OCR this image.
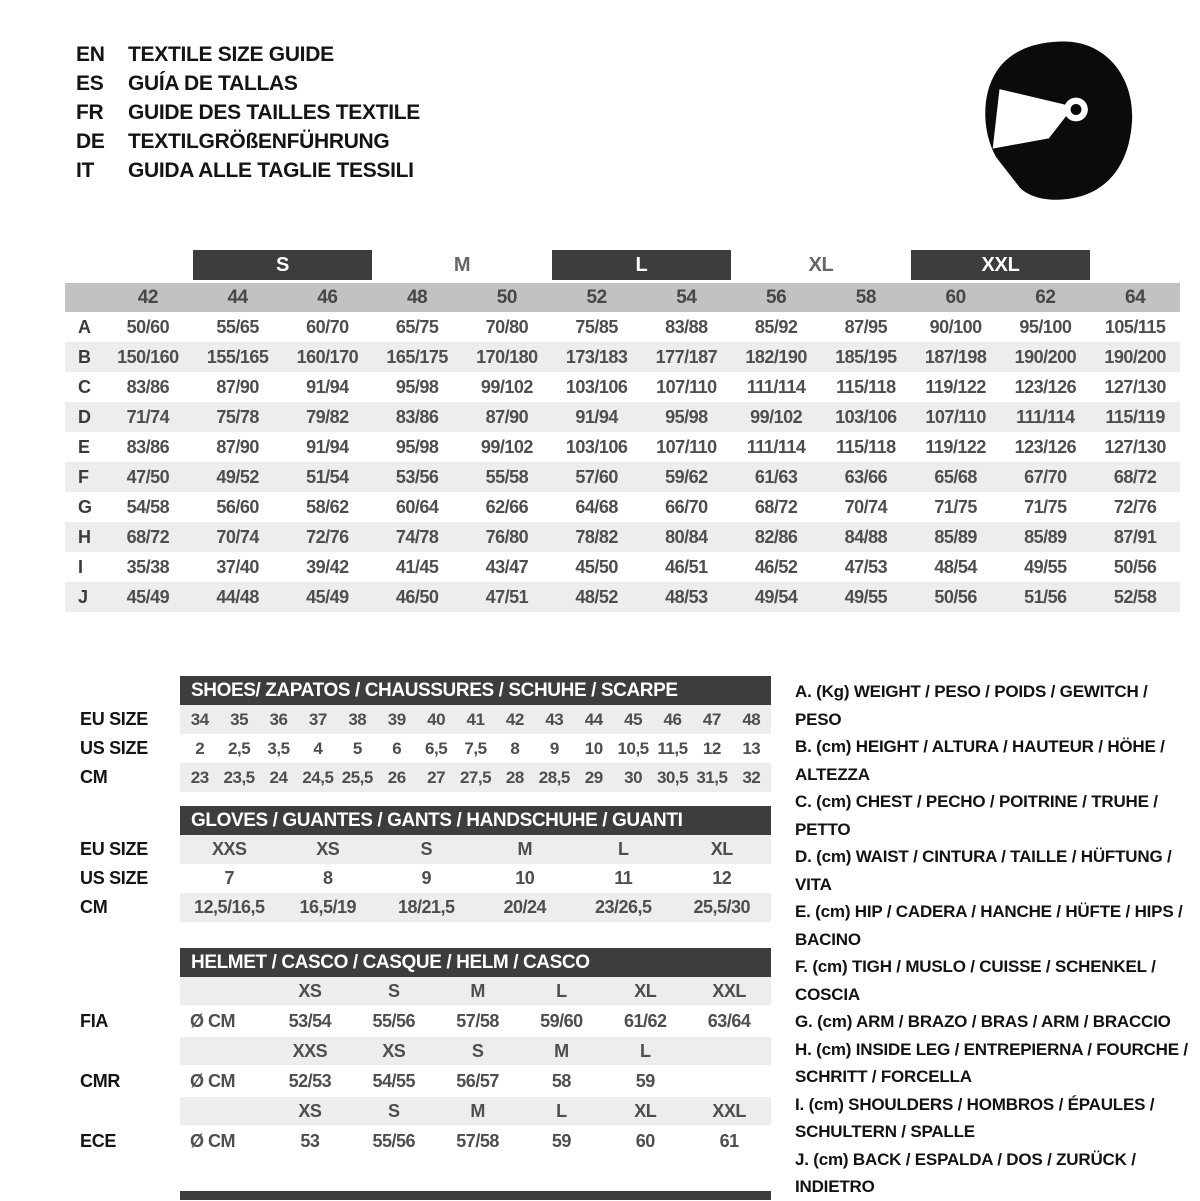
EN	TEXTILE SIZE GUIDE
ES	GUÍA DE TALLAS
FR	GUIDE DES TAILLES TEXTILE
DE	TEXTILGRÖßENFÜHRUNG
IT	GUIDA ALLE TAGLIE TESSILI
S	M	L	XL	XXL
42	44	46	48	50	52	54	56	58	60	62	64
A	50/60	55/65	60/70	65/75	70/80	75/85	83/88	85/92	87/95	90/100	95/100	105/115
B	150/160	155/165	160/170	165/175	170/180	173/183	177/187	182/190	185/195	187/198	190/200	190/200
C	83/86	87/90	91/94	95/98	99/102	103/106	107/110	111/114	115/118	119/122	123/126	127/130
D	71/74	75/78	79/82	83/86	87/90	91/94	95/98	99/102	103/106	107/110	111/114	115/119
E	83/86	87/90	91/94	95/98	99/102	103/106	107/110	111/114	115/118	119/122	123/126	127/130
F	47/50	49/52	51/54	53/56	55/58	57/60	59/62	61/63	63/66	65/68	67/70	68/72
G	54/58	56/60	58/62	60/64	62/66	64/68	66/70	68/72	70/74	71/75	71/75	72/76
H	68/72	70/74	72/76	74/78	76/80	78/82	80/84	82/86	84/88	85/89	85/89	87/91
I	35/38	37/40	39/42	41/45	43/47	45/50	46/51	46/52	47/53	48/54	49/55	50/56
J	45/49	44/48	45/49	46/50	47/51	48/52	48/53	49/54	49/55	50/56	51/56	52/58
SHOES/ ZAPATOS / CHAUSSURES / SCHUHE / SCARPE
EU SIZE	34	35	36	37	38	39	40	41	42	43	44	45	46	47	48
US SIZE	2	2,5	3,5	4	5	6	6,5	7,5	8	9	10 10,5 11,5 12	13
CM	23 23,5 24 24,5 25,5 26	27 27,5 28 28,5 29	30 30,5 31,5 32
GLOVES / GUANTES / GANTS / HANDSCHUHE / GUANTI
EU SIZE	XXS	XS	S	M	L	XL
US SIZE	7	8	9	10	11	12
CM	12,5/16,5	16,5/19	18/21,5	20/24	23/26,5	25,5/30
HELMET / CASCO / CASQUE / HELM / CASCO
XS	S	M	L	XL	XXL
FIA	Ø CM	53/54	55/56	57/58	59/60	61/62	63/64
XXS	XS	S	M	L
CMR	Ø CM	52/53	54/55	56/57	58	59
XS	S	M	L	XL	XXL
ECE	Ø CM	53	55/56	57/58	59	60	61
A. (Kg) WEIGHT / PESO / POIDS / GEWITCH / PESO
B. (cm) HEIGHT / ALTURA / HAUTEUR / HÖHE / ALTEZZA
C. (cm) CHEST / PECHO / POITRINE / TRUHE / PETTO
D. (cm) WAIST / CINTURA / TAILLE / HÜFTUNG / VITA
E. (cm) HIP / CADERA / HANCHE / HÜFTE / HIPS / BACINO
F. (cm) TIGH / MUSLO / CUISSE / SCHENKEL / COSCIA
G. (cm) ARM / BRAZO / BRAS / ARM / BRACCIO
H. (cm) INSIDE LEG / ENTREPIERNA / FOURCHE / SCHRITT / FORCELLA
I. (cm) SHOULDERS / HOMBROS / ÉPAULES / SCHULTERN / SPALLE
J. (cm) BACK / ESPALDA / DOS / ZURÜCK / INDIETRO
